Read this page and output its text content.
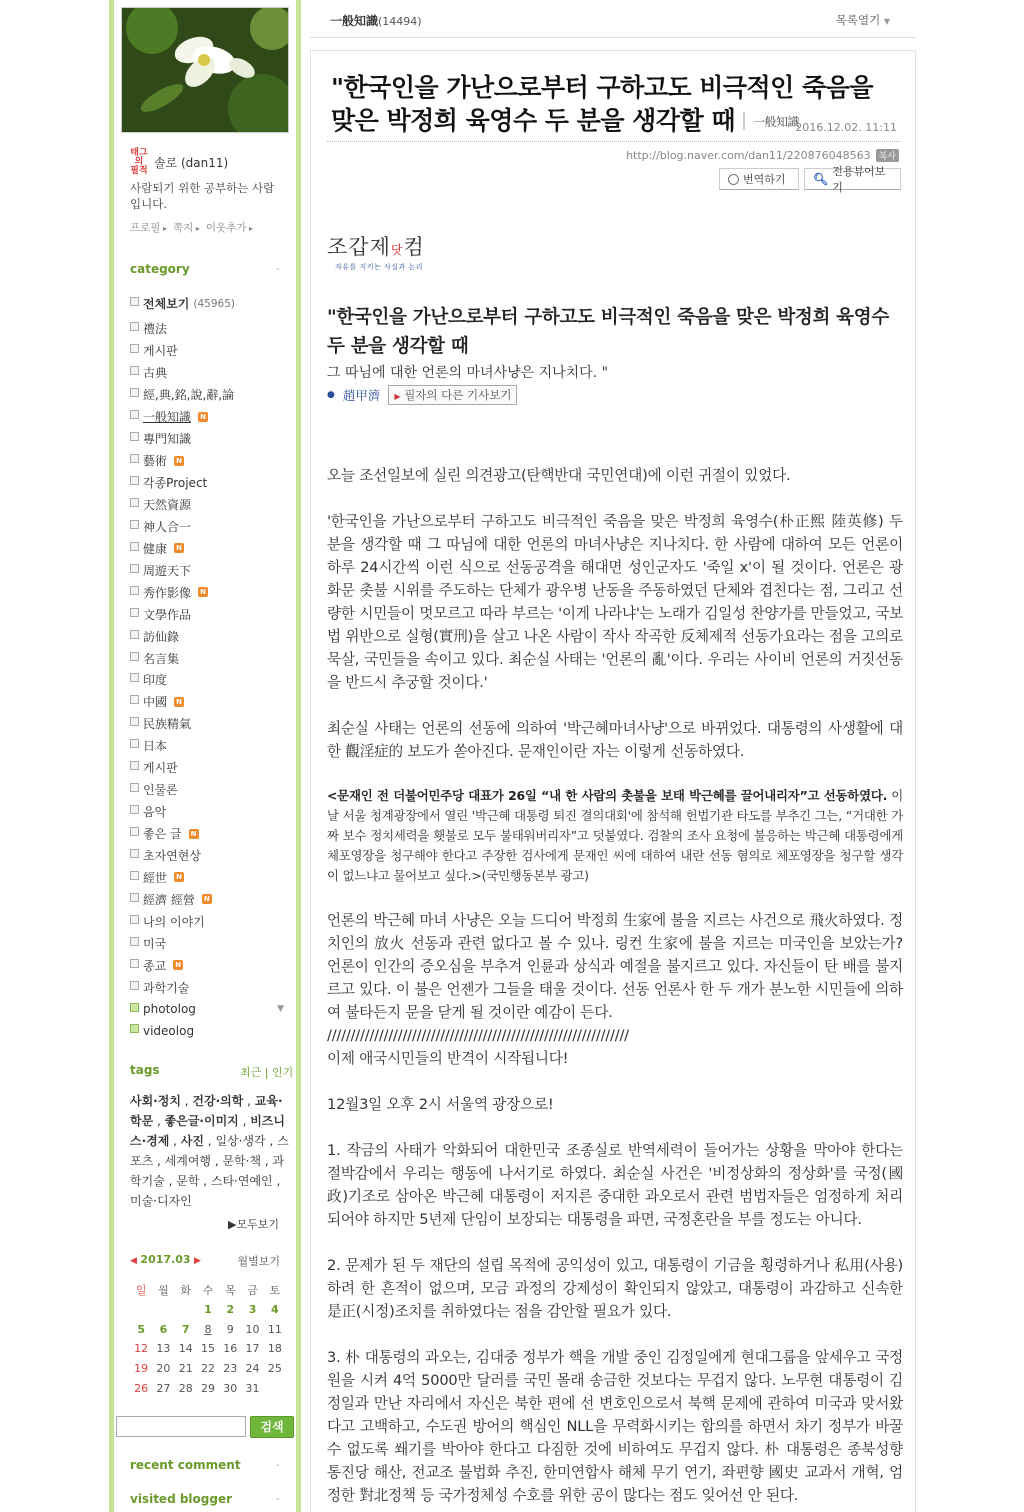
태그의
필적
솔로 (dan11)
사람되기 위한 공부하는 사람입니다.
프로필 ▸	쪽지 ▸	이웃추가 ▸
category	-
전체보기 (45965)
禮法
게시판
古典
經,典,銘,說,辭,論
一般知識 N
專門知識
藝術 N
각종Project
天然資源
神人合一
健康 N
周遊天下
秀作影像 N
文學作品
訪仙錄
名言集
印度
中國 N
民族精氣
日本
게시판
인물론
음악
좋은 글 N
초자연현상
經世 N
經濟 經營 N
나의 이야기
미국
종교 N
과학기술
photolog	▼
videolog
tags	최근 | 인기
사회·정치 , 건강·의학 , 교육·학문 , 좋은글·이미지 , 비즈니스·경제 , 사진 , 일상·생각 , 스포츠 , 세계여행 , 문학·책 , 과학기술 , 문학 , 스타·연예인 , 미술·디자인
▶모두보기
◀ 2017.03 ▶	월별보기
일	월	화	수	목	금	토
			1	2	3	4
5	6	7	8	9	10	11
12	13	14	15	16	17	18
19	20	21	22	23	24	25
26	27	28	29	30	31	
검색
recent comment	-
visited blogger	-
一般知識(14494)	목록열기 ▼
"한국인을 가난으로부터 구하고도 비극적인 죽음을 맞은 박정희 육영수 두 분을 생각할 때 一般知識
2016.12.02. 11:11
http://blog.naver.com/dan11/220876048563 복사
번역하기 🔍︎
전용뷰어보기
조갑제닷컴
자유를 지키는 사실과 논리
"한국인을 가난으로부터 구하고도 비극적인 죽음을 맞은 박정희 육영수 두 분을 생각할 때
그 따님에 대한 언론의 마녀사냥은 지나치다. "
● 趙甲濟	▶ 필자의 다른 기사보기

오늘 조선일보에 실린 의견광고(탄핵반대 국민연대)에 이런 귀절이 있었다.

'한국인을 가난으로부터 구하고도 비극적인 죽음을 맞은 박정희 육영수(朴正熙 陸英修) 두 분을 생각할 때 그 따님에 대한 언론의 마녀사냥은 지나치다. 한 사람에 대하여 모든 언론이 하루 24시간씩 이런 식으로 선동공격을 해대면 성인군자도 '죽일 x'이 될 것이다. 언론은 광화문 촛불 시위를 주도하는 단체가 광우병 난동을 주동하였던 단체와 겹친다는 점, 그리고 선량한 시민들이 멋모르고 따라 부르는 '이게 나라냐'는 노래가 김일성 찬양가를 만들었고, 국보법 위반으로 실형(實刑)을 살고 나온 사람이 작사 작곡한 反체제적 선동가요라는 점을 고의로 묵살, 국민들을 속이고 있다. 최순실 사태는 '언론의 亂'이다. 우리는 사이비 언론의 거짓선동을 반드시 추궁할 것이다.'

최순실 사태는 언론의 선동에 의하여 '박근혜마녀사냥'으로 바뀌었다. 대통령의 사생활에 대한 觀淫症的 보도가 쏟아진다. 문재인이란 자는 이렇게 선동하였다.

<문재인 전 더불어민주당 대표가 26일 “내 한 사람의 촛불을 보태 박근혜를 끌어내리자”고 선동하였다. 이날 서울 청계광장에서 열린 '박근혜 대통령 퇴진 결의대회'에 참석해 헌법기관 타도를 부추긴 그는, “거대한 가짜 보수 정치세력을 횃불로 모두 불태워버리자”고 덧붙였다. 검찰의 조사 요청에 불응하는 박근혜 대통령에게 체포영장을 청구해야 한다고 주장한 검사에게 문재인 씨에 대하여 내란 선동 혐의로 체포영장을 청구할 생각이 없느냐고 물어보고 싶다.>(국민행동본부 광고)

언론의 박근혜 마녀 사냥은 오늘 드디어 박정희 生家에 불을 지르는 사건으로 飛火하였다. 정치인의 放火 선동과 관련 없다고 볼 수 있나. 링컨 生家에 불을 지르는 미국인을 보았는가? 언론이 인간의 증오심을 부추겨 인륜과 상식과 예절을 불지르고 있다. 자신들이 탄 배를 불지르고 있다. 이 불은 언젠가 그들을 태울 것이다. 선동 언론사 한 두 개가 분노한 시민들에 의하여 불타든지 문을 닫게 될 것이란 예감이 든다.

////////////////////////////////////////////////////////////////

이제 애국시민들의 반격이 시작됩니다!

12월3일 오후 2시 서울역 광장으로!

1. 작금의 사태가 악화되어 대한민국 조종실로 반역세력이 들어가는 상황을 막아야 한다는 절박감에서 우리는 행동에 나서기로 하였다. 최순실 사건은 '비정상화의 정상화'를 국정(國政)기조로 삼아온 박근혜 대통령이 저지른 중대한 과오로서 관련 범법자들은 엄정하게 처리되어야 하지만 5년제 단임이 보장되는 대통령을 파면, 국정혼란을 부를 정도는 아니다.

2. 문제가 된 두 재단의 설립 목적에 공익성이 있고, 대통령이 기금을 횡령하거나 私用(사용)하려 한 흔적이 없으며, 모금 과정의 강제성이 확인되지 않았고, 대통령이 과감하고 신속한 是正(시정)조치를 취하였다는 점을 감안할 필요가 있다.

3. 朴 대통령의 과오는, 김대중 정부가 핵을 개발 중인 김정일에게 현대그룹을 앞세우고 국정원을 시켜 4억 5000만 달러를 국민 몰래 송금한 것보다는 무겁지 않다. 노무현 대통령이 김정일과 만난 자리에서 자신은 북한 편에 선 변호인으로서 북핵 문제에 관하여 미국과 맞서왔다고 고백하고, 수도권 방어의 핵심인 NLL을 무력화시키는 합의를 하면서 차기 정부가 바꿀 수 없도록 쐐기를 박아야 한다고 다짐한 것에 비하여도 무겁지 않다. 朴 대통령은 종북성향 통진당 해산, 전교조 불법화 추진, 한미연합사 해체 무기 연기, 좌편향 國史 교과서 개혁, 엄정한 對北정책 등 국가정체성 수호를 위한 공이 많다는 점도 잊어선 안 된다.
